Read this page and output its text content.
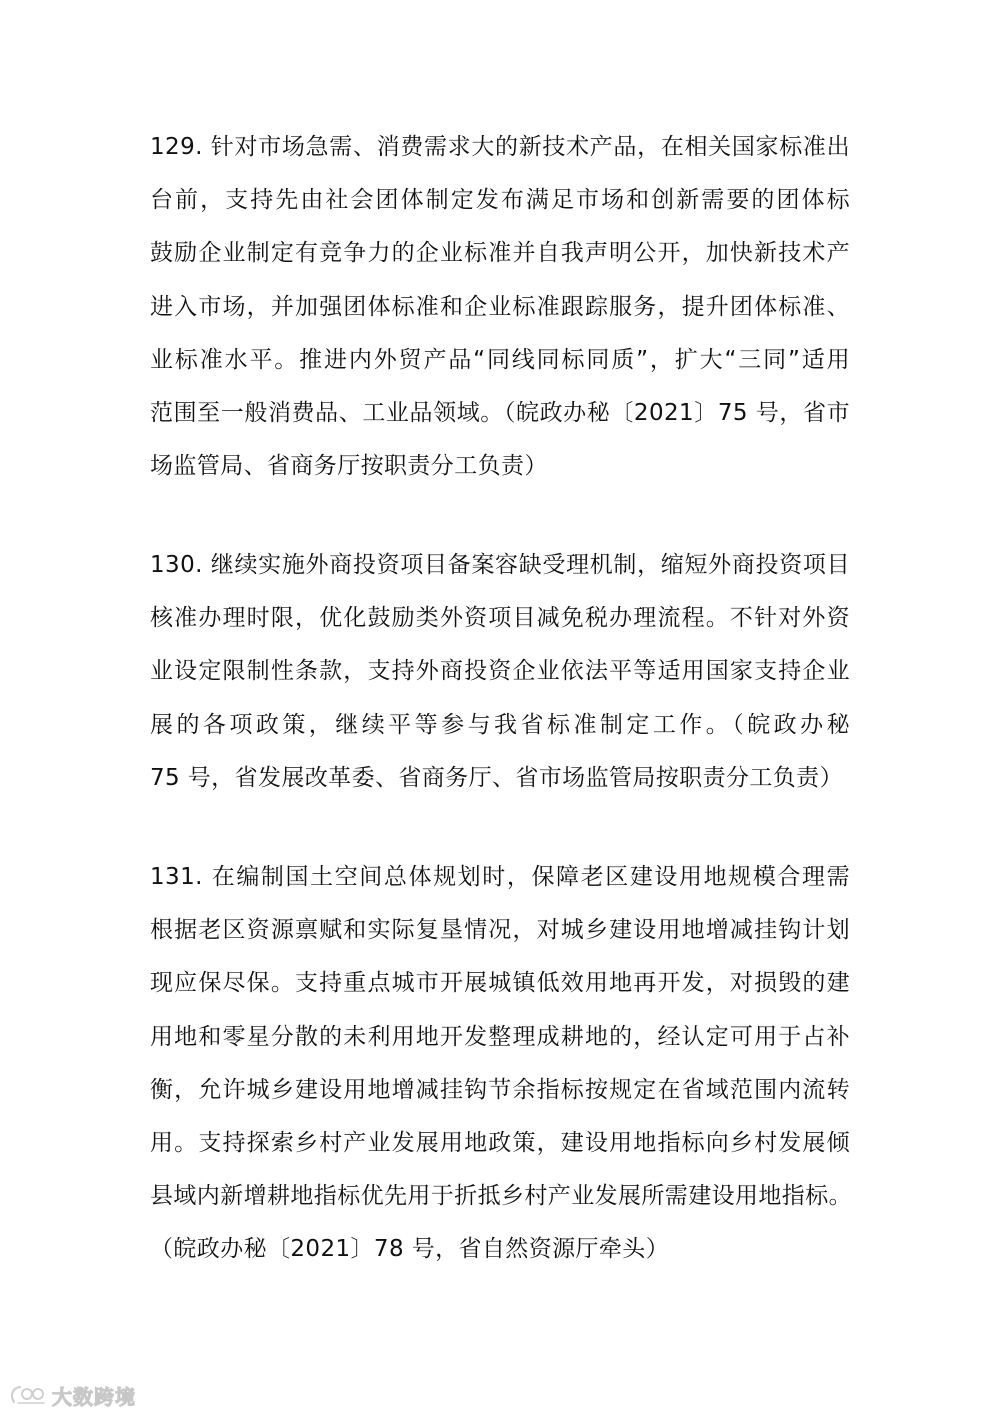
129. 针对市场急需、消费需求大的新技术产品，在相关国家标准出
台前，支持先由社会团体制定发布满足市场和创新需要的团体标
鼓励企业制定有竞争力的企业标准并自我声明公开，加快新技术产
进入市场，并加强团体标准和企业标准跟踪服务，提升团体标准、
业标准水平。推进内外贸产品“同线同标同质”，扩大“三同”适用
范围至一般消费品、工业品领域。（皖政办秘〔2021〕75 号，省市
场监管局、省商务厅按职责分工负责）
130. 继续实施外商投资项目备案容缺受理机制，缩短外商投资项目
核准办理时限，优化鼓励类外资项目减免税办理流程。不针对外资
业设定限制性条款，支持外商投资企业依法平等适用国家支持企业
展的各项政策，继续平等参与我省标准制定工作。（皖政办秘
75 号，省发展改革委、省商务厅、省市场监管局按职责分工负责）
131. 在编制国土空间总体规划时，保障老区建设用地规模合理需
根据老区资源禀赋和实际复垦情况，对城乡建设用地增减挂钩计划
现应保尽保。支持重点城市开展城镇低效用地再开发，对损毁的建
用地和零星分散的未利用地开发整理成耕地的，经认定可用于占补
衡，允许城乡建设用地增减挂钩节余指标按规定在省域范围内流转
用。支持探索乡村产业发展用地政策，建设用地指标向乡村发展倾
县域内新增耕地指标优先用于折抵乡村产业发展所需建设用地指标。
（皖政办秘〔2021〕78 号，省自然资源厅牵头）
大数跨境
